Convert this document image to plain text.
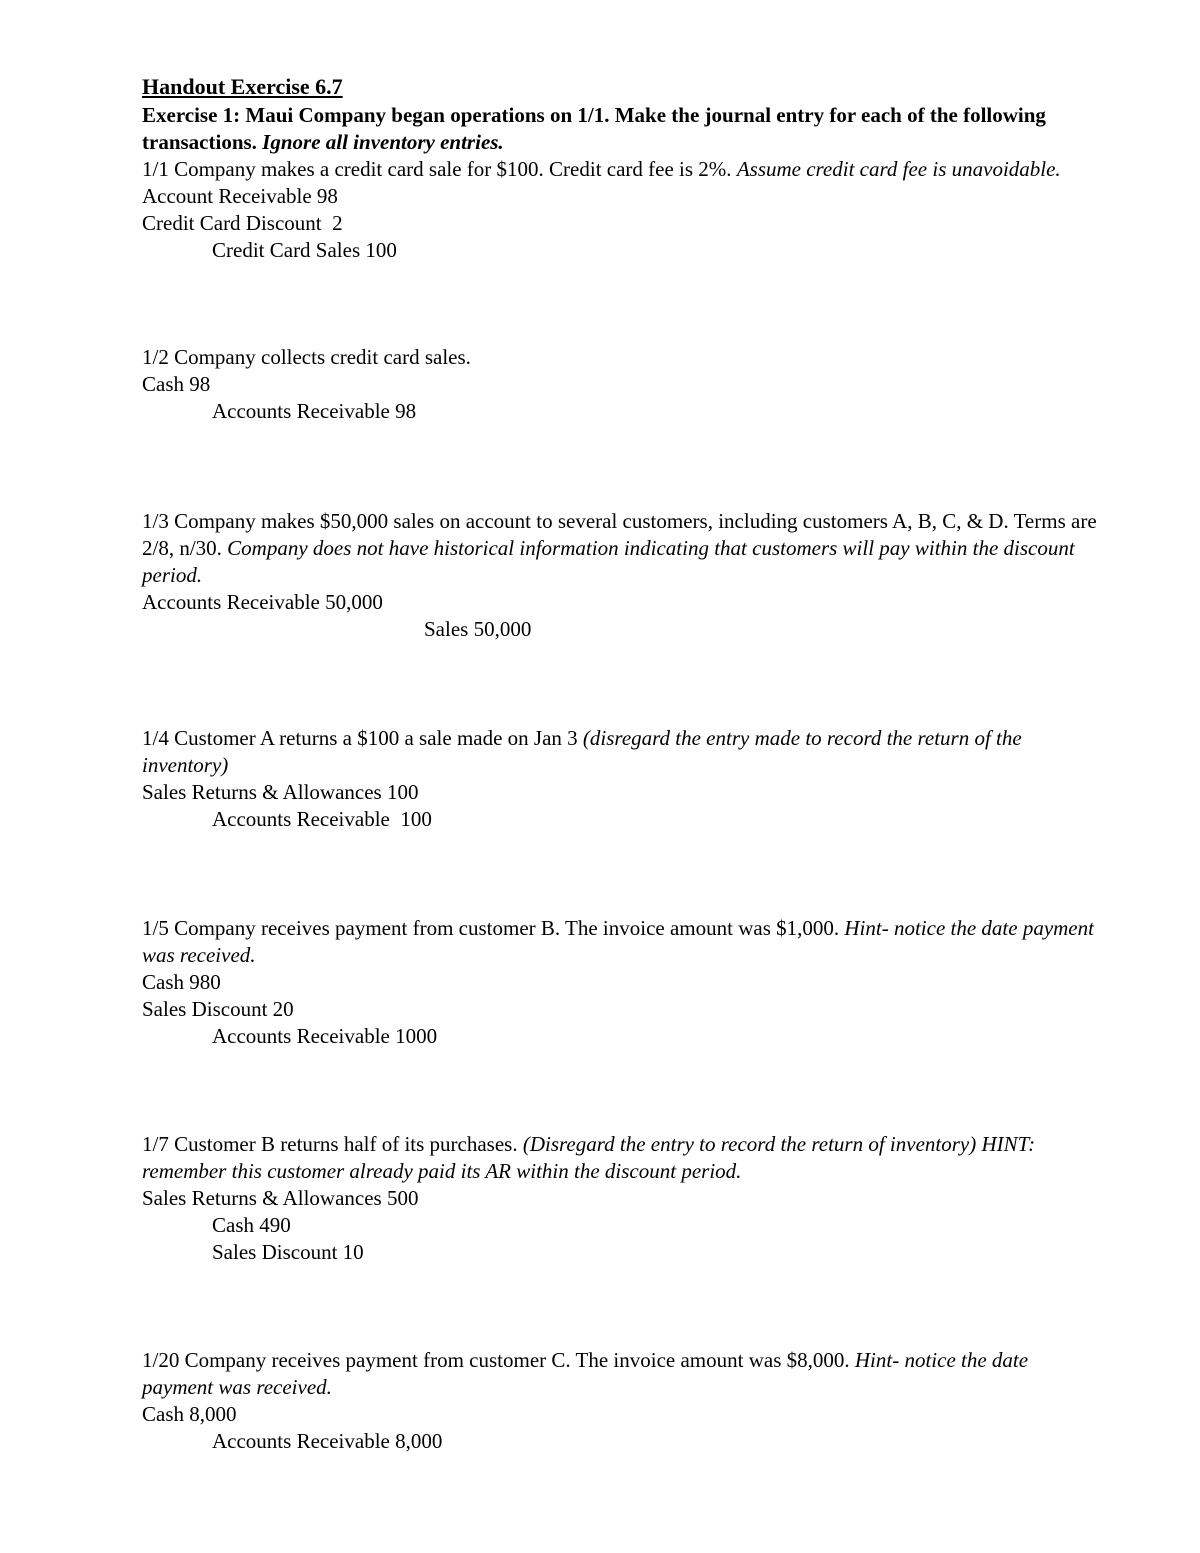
Handout Exercise 6.7
Exercise 1: Maui Company began operations on 1/1. Make the journal entry for each of the following transactions. Ignore all inventory entries.
1/1 Company makes a credit card sale for $100. Credit card fee is 2%. Assume credit card fee is unavoidable.
Account Receivable 98
Credit Card Discount  2
Credit Card Sales 100
1/2 Company collects credit card sales.
Cash 98
Accounts Receivable 98
1/3 Company makes $50,000 sales on account to several customers, including customers A, B, C, & D. Terms are 2/8, n/30. Company does not have historical information indicating that customers will pay within the discount period.
Accounts Receivable 50,000
Sales 50,000
1/4 Customer A returns a $100 a sale made on Jan 3 (disregard the entry made to record the return of the inventory)
Sales Returns & Allowances 100
Accounts Receivable  100
1/5 Company receives payment from customer B. The invoice amount was $1,000. Hint- notice the date payment was received.
Cash 980
Sales Discount 20
Accounts Receivable 1000
1/7 Customer B returns half of its purchases. (Disregard the entry to record the return of inventory) HINT: remember this customer already paid its AR within the discount period.
Sales Returns & Allowances 500
Cash 490
Sales Discount 10
1/20 Company receives payment from customer C. The invoice amount was $8,000. Hint- notice the date payment was received.
Cash 8,000
Accounts Receivable 8,000
